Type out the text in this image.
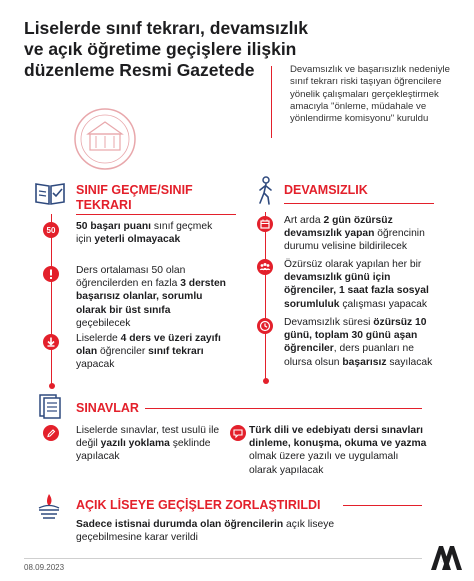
Liselerde sınıf tekrarı, devamsızlık ve açık öğretime geçişlere ilişkin düzenleme Resmi Gazetede	Devamsızlık ve başarısızlık nedeniyle sınıf tekrarı riski taşıyan öğrencilere yönelik çalışmaları gerçekleştirmek amacıyla "önleme, müdahale ve yönlendirme komisyonu" kuruldu
SINIF GEÇME/SINIF TEKRARI
50	50 başarı puanı sınıf geçmek için yeterli olmayacak
Ders ortalaması 50 olan öğrencilerden en fazla 3 dersten başarısız olanlar, sorumlu olarak bir üst sınıfa geçebilecek
Liselerde 4 ders ve üzeri zayıfı olan öğrenciler sınıf tekrarı yapacak
DEVAMSIZLIK
Art arda 2 gün özürsüz devamsızlık yapan öğrencinin durumu velisine bildirilecek
Özürsüz olarak yapılan her bir devamsızlık günü için öğrenciler, 1 saat fazla sosyal sorumluluk çalışması yapacak
Devamsızlık süresi özürsüz 10 günü, toplam 30 günü aşan öğrenciler, ders puanları ne olursa olsun başarısız sayılacak
SINAVLAR
Liselerde sınavlar, test usulü ile değil yazılı yoklama şeklinde yapılacak
Türk dili ve edebiyatı dersi sınavları dinleme, konuşma, okuma ve yazma olmak üzere yazılı ve uygulamalı olarak yapılacak
AÇIK LİSEYE GEÇİŞLER ZORLAŞTIRILDI
Sadece istisnai durumda olan öğrencilerin açık liseye geçebilmesine karar verildi
08.09.2023
AA
